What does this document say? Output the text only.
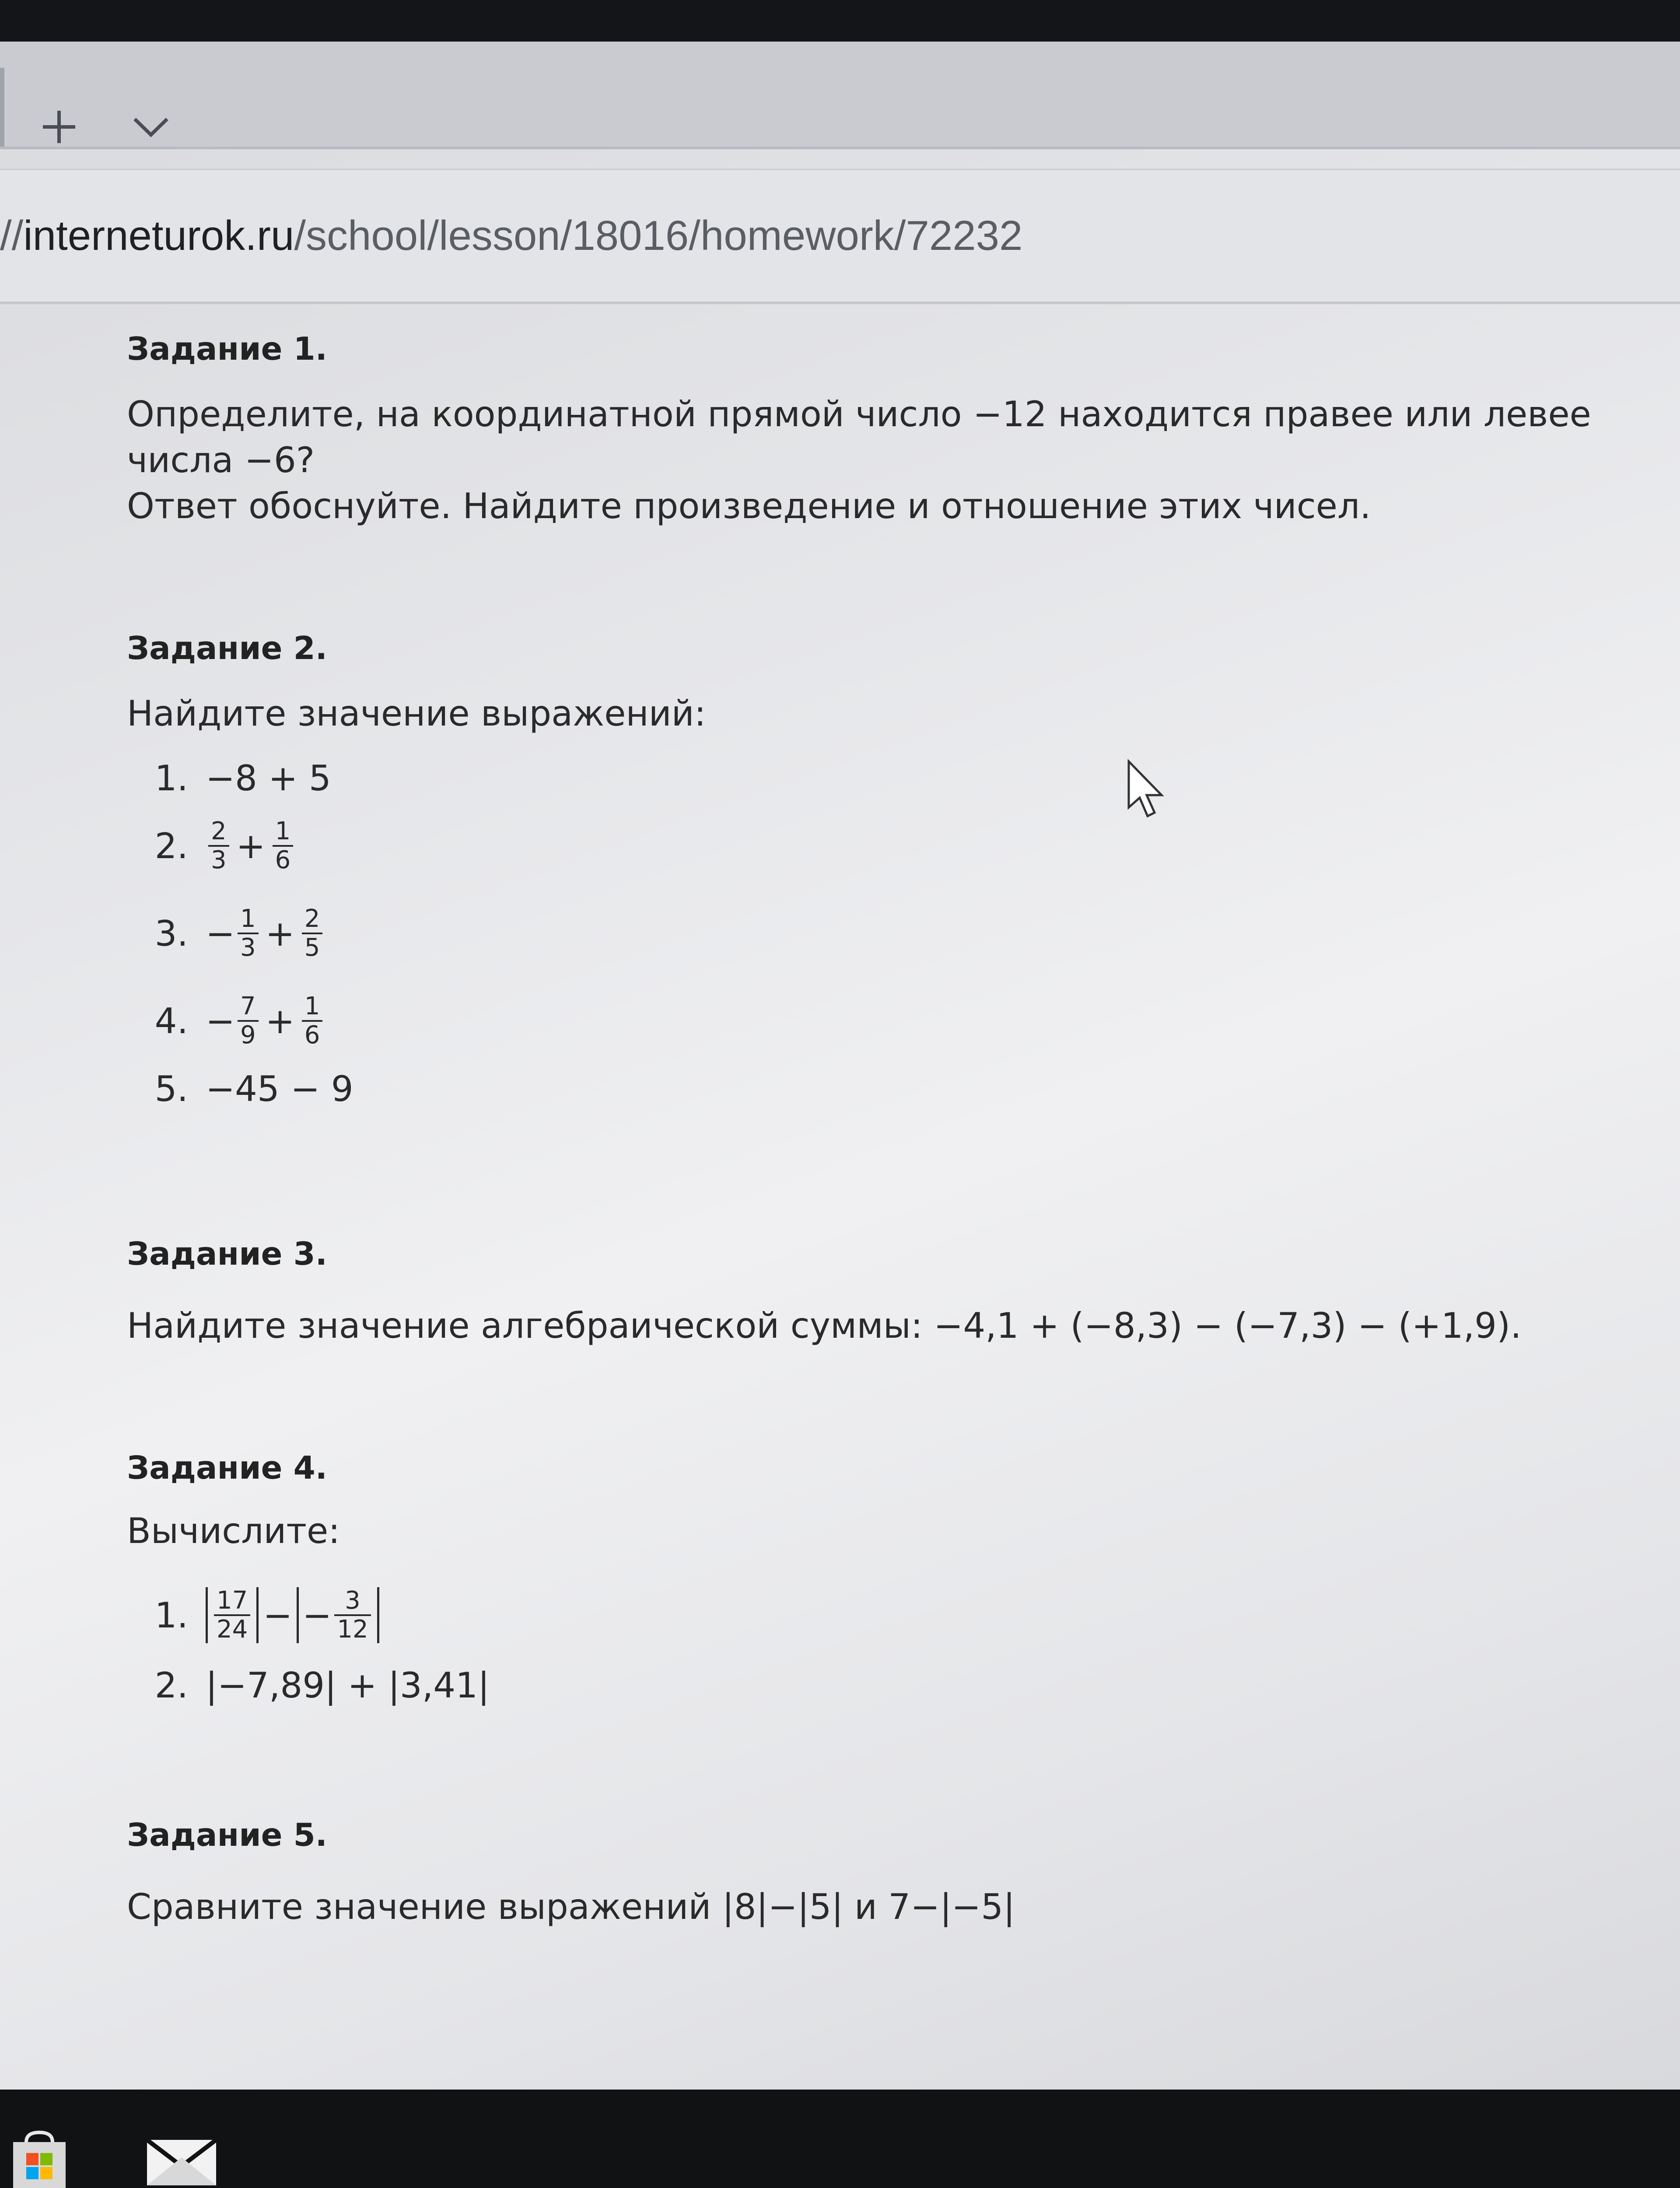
//interneturok.ru/school/lesson/18016/homework/72232

Задание 1.

Определите, на координатной прямой число −12 находится правее или левее числа −6?

Ответ обоснуйте. Найдите произведение и отношение этих чисел.

Задание 2.

Найдите значение выражений:

1. −8 + 5
2. $\frac{2}{3} + \frac{1}{6}$
3. − $\frac{1}{3} + \frac{2}{5}$
4. − $\frac{7}{9} + \frac{1}{6}$
5. −45 − 9

Задание 3.

Найдите значение алгебраической суммы: −4,1 + (−8,3) − (−7,3) − (+1,9).

Задание 4.

Вычислите:

1.	$\frac{17}{24}$ − − $\frac{3}{12}$
2. |−7,89| + |3,41|

Задание 5.

Сравните значение выражений |8|−|5| и 7−|−5|
